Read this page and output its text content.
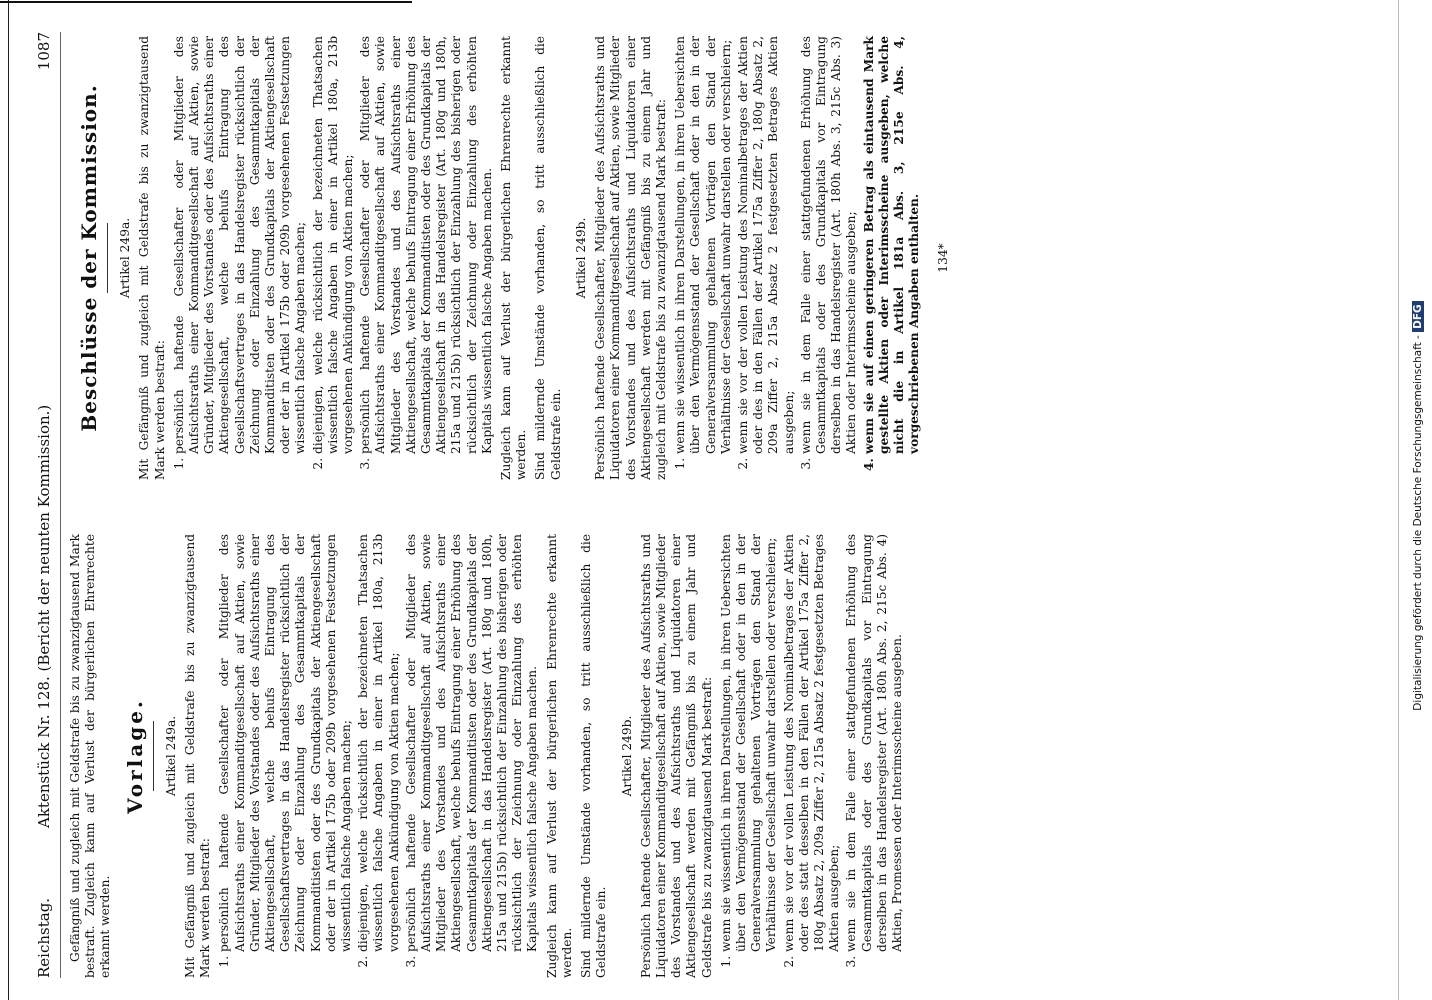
Reichstag.
Aktenstück Nr. 128. (Bericht der neunten Kommission.)
1087

Gefängniß und zugleich mit Geldstrafe bis zu zwanzigtausend Mark bestraft. Zugleich kann auf Verlust der bürgerlichen Ehrenrechte erkannt werden.

Vorlage. Artikel 249a. Mit Gefängniß und zugleich mit Geldstrafe bis zu zwanzigtausend Mark werden bestraft: 1. persönlich haftende Gesellschafter oder Mitglieder des Aufsichtsraths einer Kommanditgesellschaft auf Aktien, sowie Gründer, Mitglieder des Vorstandes oder des Aufsichtsraths einer Aktiengesellschaft, welche behufs Eintragung des Gesellschaftsvertrages in das Handelsregister rücksichtlich der Zeichnung oder Einzahlung des Gesammtkapitals der Kommanditisten oder des Grundkapitals der Aktiengesellschaft oder der in Artikel 175b oder 209b vorgesehenen Festsetzungen wissentlich falsche Angaben machen; 2. diejenigen, welche rücksichtlich der bezeichneten Thatsachen wissentlich falsche Angaben in einer in Artikel 180a, 213b vorgesehenen Ankündigung von Aktien machen; 3. persönlich haftende Gesellschafter oder Mitglieder des Aufsichtsraths einer Kommanditgesellschaft auf Aktien, sowie Mitglieder des Vorstandes und des Aufsichtsraths einer Aktiengesellschaft, welche behufs Eintragung einer Erhöhung des Gesammtkapitals der Kommanditisten oder des Grundkapitals der Aktiengesellschaft in das Handelsregister (Art. 180g und 180h, 215a und 215b) rücksichtlich der Einzahlung des bisherigen oder rücksichtlich der Zeichnung oder Einzahlung des erhöhten Kapitals wissentlich falsche Angaben machen. Zugleich kann auf Verlust der bürgerlichen Ehrenrechte erkannt werden. Sind mildernde Umstände vorhanden, so tritt ausschließlich die Geldstrafe ein.

Artikel 249b. Persönlich haftende Gesellschafter, Mitglieder des Aufsichtsraths und Liquidatoren einer Kommanditgesellschaft auf Aktien, sowie Mitglieder des Vorstandes und des Aufsichtsraths und Liquidatoren einer Aktiengesellschaft werden mit Gefängniß bis zu einem Jahr und Geldstrafe bis zu zwanzigtausend Mark bestraft: 1. wenn sie wissentlich in ihren Darstellungen, in ihren Uebersichten über den Vermögensstand der Gesellschaft oder in den in der Generalversammlung gehaltenen Vorträgen den Stand der Verhältnisse der Gesellschaft unwahr darstellen oder verschleiern; 2. wenn sie vor der vollen Leistung des Nominalbetrages der Aktien oder des statt desselben in den Fällen der Artikel 175a Ziffer 2, 180g Absatz 2, 209a Ziffer 2, 215a Absatz 2 festgesetzten Betrages Aktien ausgeben; 3. wenn sie in dem Falle einer stattgefundenen Erhöhung des Gesammtkapitals oder des Grundkapitals vor Eintragung derselben in das Handelsregister (Art. 180h Abs. 2, 215c Abs. 4) Aktien, Promessen oder Interimsscheine ausgeben.
Beschlüsse der Kommission. Artikel 249a. Mit Gefängniß und zugleich mit Geldstrafe bis zu zwanzigtausend Mark werden bestraft: 1. persönlich haftende Gesellschafter oder Mitglieder des Aufsichtsraths einer Kommanditgesellschaft auf Aktien, sowie Gründer, Mitglieder des Vorstandes oder des Aufsichtsraths einer Aktiengesellschaft, welche behufs Eintragung des Gesellschaftsvertrages in das Handelsregister rücksichtlich der Zeichnung oder Einzahlung des Gesammtkapitals der Kommanditisten oder des Grundkapitals der Aktiengesellschaft oder der in Artikel 175b oder 209b vorgesehenen Festsetzungen wissentlich falsche Angaben machen; 2. diejenigen, welche rücksichtlich der bezeichneten Thatsachen wissentlich falsche Angaben in einer in Artikel 180a, 213b vorgesehenen Ankündigung von Aktien machen; 3. persönlich haftende Gesellschafter oder Mitglieder des Aufsichtsraths einer Kommanditgesellschaft auf Aktien, sowie Mitglieder des Vorstandes und des Aufsichtsraths einer Aktiengesellschaft, welche behufs Eintragung einer Erhöhung des Gesammtkapitals der Kommanditisten oder des Grundkapitals der Aktiengesellschaft in das Handelsregister (Art. 180g und 180h, 215a und 215b) rücksichtlich der Einzahlung des bisherigen oder rücksichtlich der Zeichnung oder Einzahlung des erhöhten Kapitals wissentlich falsche Angaben machen. Zugleich kann auf Verlust der bürgerlichen Ehrenrechte erkannt werden. Sind mildernde Umstände vorhanden, so tritt ausschließlich die Geldstrafe ein.

Artikel 249b. Persönlich haftende Gesellschafter, Mitglieder des Aufsichtsraths und Liquidatoren einer Kommanditgesellschaft auf Aktien, sowie Mitglieder des Vorstandes und des Aufsichtsraths und Liquidatoren einer Aktiengesellschaft werden mit Gefängniß bis zu einem Jahr und zugleich mit Geldstrafe bis zu zwanzigtausend Mark bestraft: 1. wenn sie wissentlich in ihren Darstellungen, in ihren Uebersichten über den Vermögensstand der Gesellschaft oder in den in der Generalversammlung gehaltenen Vorträgen den Stand der Verhältnisse der Gesellschaft unwahr darstellen oder verschleiern; 2. wenn sie vor der vollen Leistung des Nominalbetrages der Aktien oder des in den Fällen der Artikel 175a Ziffer 2, 180g Absatz 2, 209a Ziffer 2, 215a Absatz 2 festgesetzten Betrages Aktien ausgeben; 3. wenn sie in dem Falle einer stattgefundenen Erhöhung des Gesammtkapitals oder des Grundkapitals vor Eintragung derselben in das Handelsregister (Art. 180h Abs. 3, 215c Abs. 3) Aktien oder Interimsscheine ausgeben; 4. wenn sie auf einen geringeren Betrag als eintausend Mark gestellte Aktien oder Interimsscheine ausgeben, welche nicht die in Artikel 181a Abs. 3, 215e Abs. 4, vorgeschriebenen Angaben enthalten. 134*

Digitalisierung gefördert durch die Deutsche Forschungsgemeinschaft - DFG
